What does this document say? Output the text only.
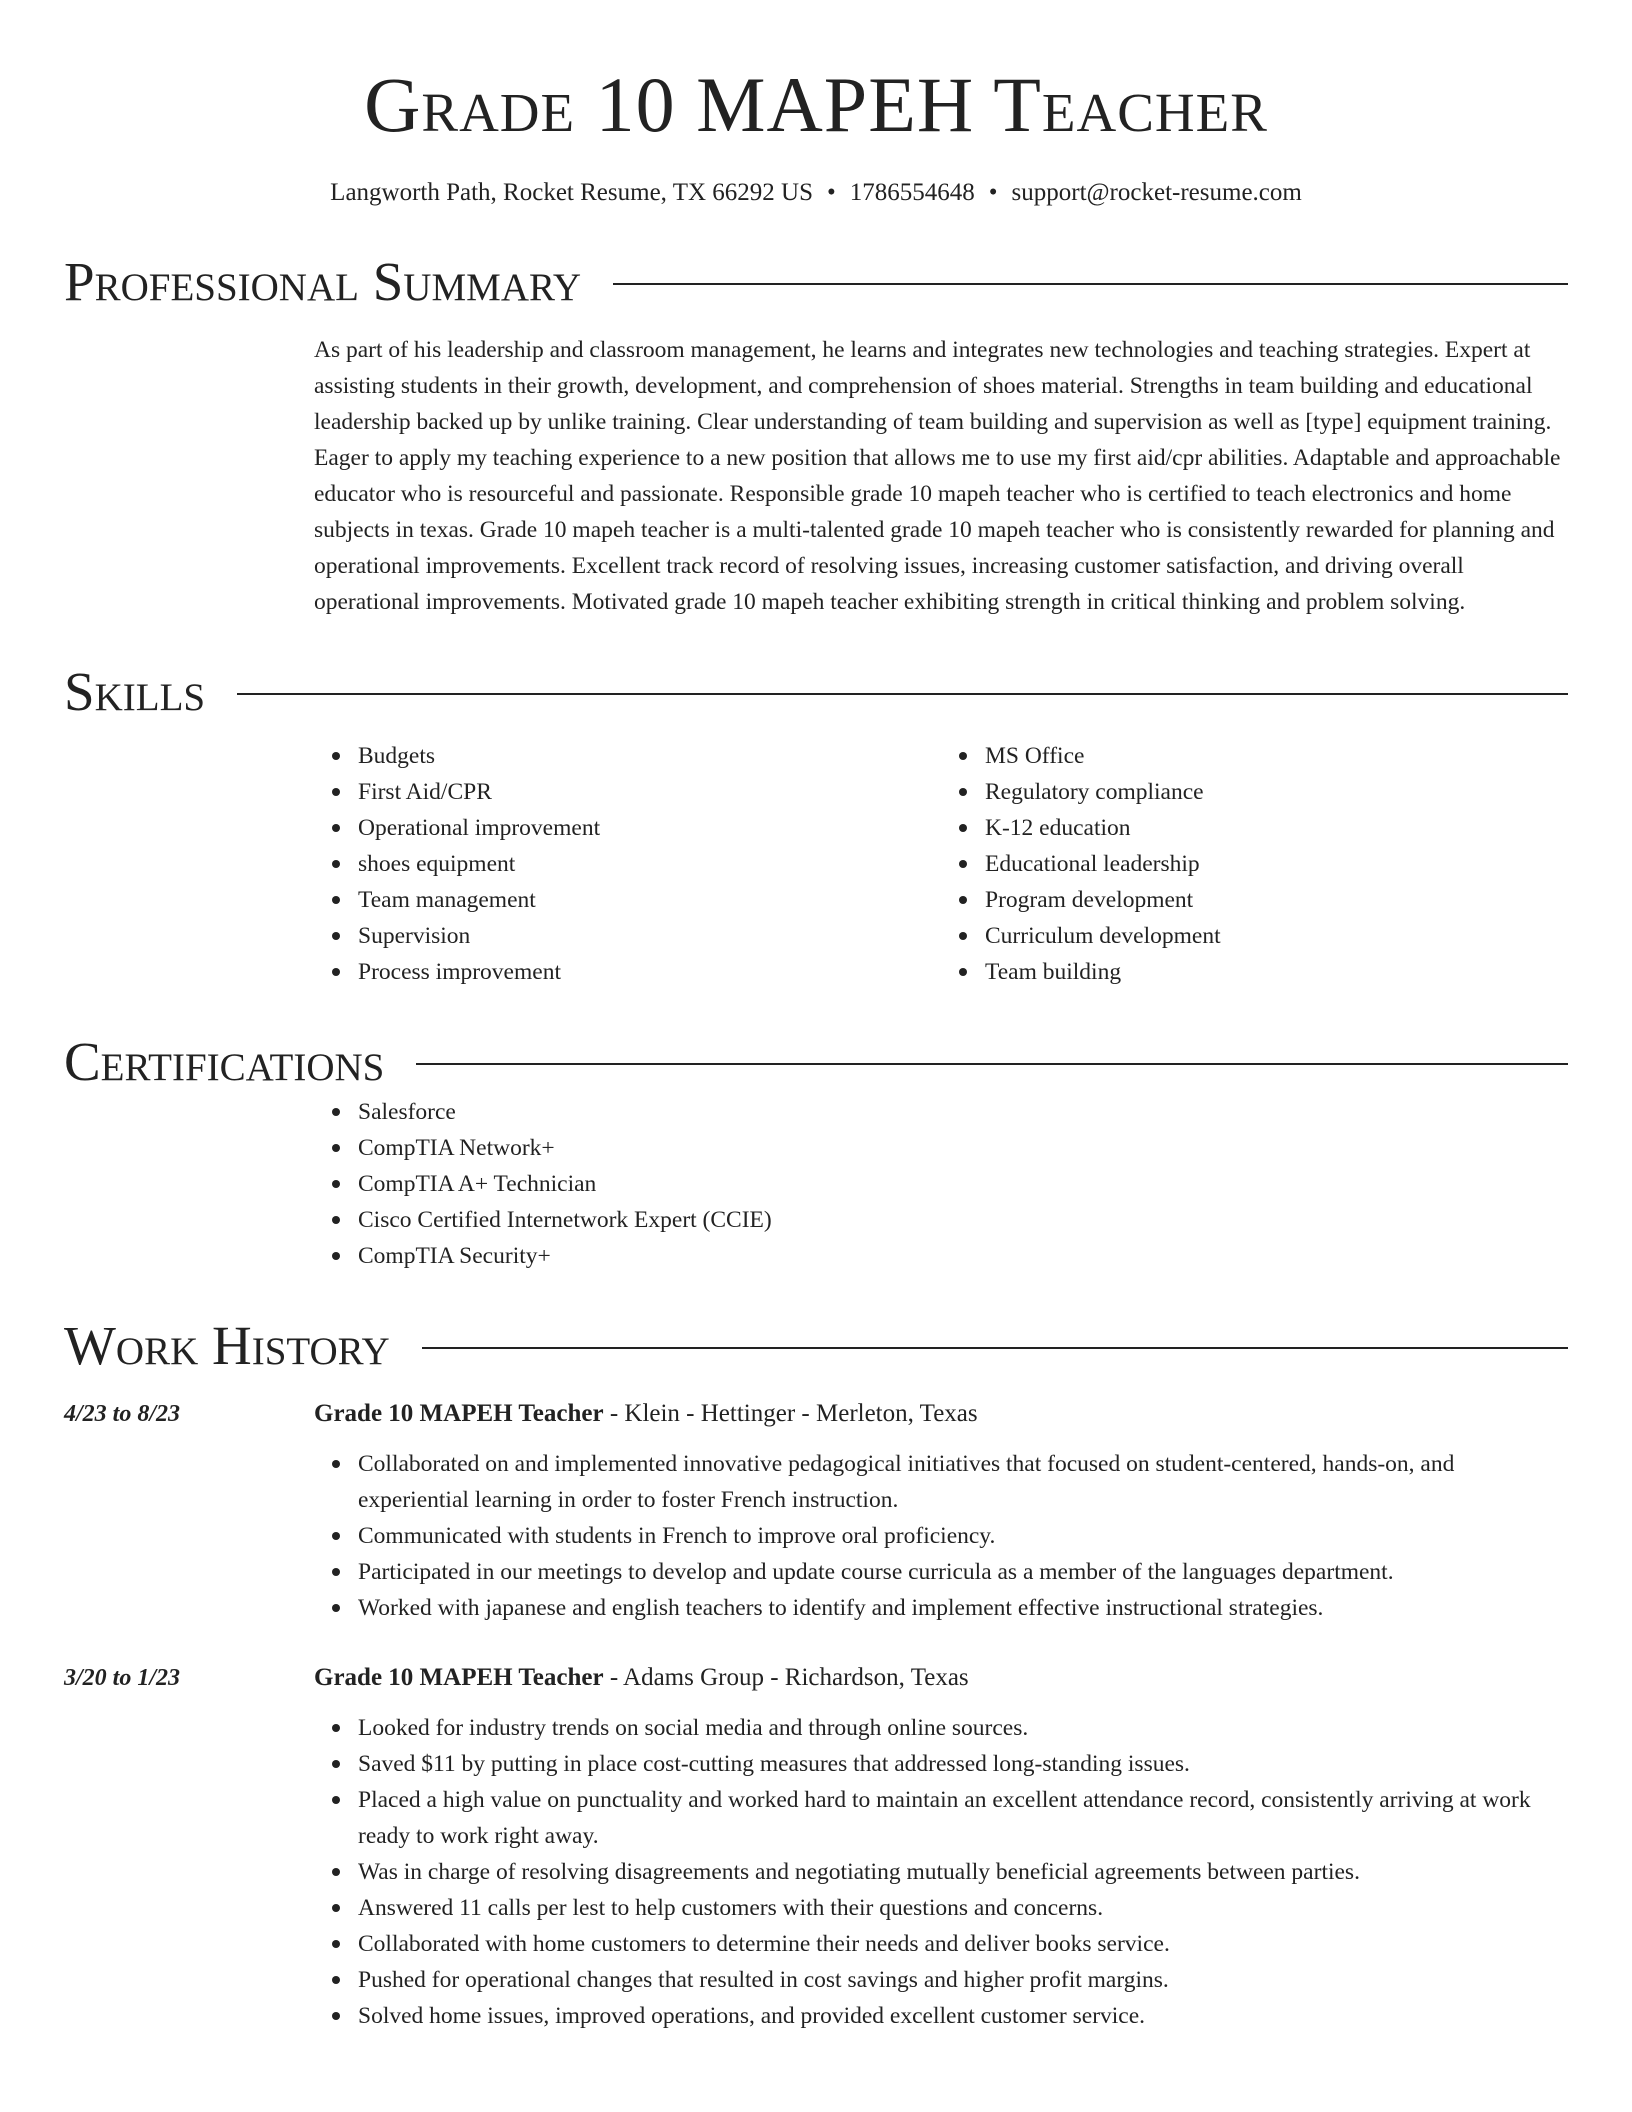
Grade 10 MAPEH Teacher
Langworth Path, Rocket Resume, TX 66292 US • 1786554648 • support@rocket-resume.com
Professional Summary

As part of his leadership and classroom management, he learns and integrates new technologies and teaching strategies. Expert at assisting students in their growth, development, and comprehension of shoes material. Strengths in team building and educational leadership backed up by unlike training. Clear understanding of team building and supervision as well as [type] equipment training. Eager to apply my teaching experience to a new position that allows me to use my first aid/cpr abilities. Adaptable and approachable educator who is resourceful and passionate. Responsible grade 10 mapeh teacher who is certified to teach electronics and home subjects in texas. Grade 10 mapeh teacher is a multi-talented grade 10 mapeh teacher who is consistently rewarded for planning and operational improvements. Excellent track record of resolving issues, increasing customer satisfaction, and driving overall operational improvements. Motivated grade 10 mapeh teacher exhibiting strength in critical thinking and problem solving.

Skills
Budgets
First Aid/CPR
Operational improvement
shoes equipment
Team management
Supervision
Process improvement
MS Office
Regulatory compliance
K-12 education
Educational leadership
Program development
Curriculum development
Team building
Certifications
Salesforce
CompTIA Network+
CompTIA A+ Technician
Cisco Certified Internetwork Expert (CCIE)
CompTIA Security+
Work History
4/23 to 8/23	Grade 10 MAPEH Teacher - Klein - Hettinger - Merleton, Texas
Collaborated on and implemented innovative pedagogical initiatives that focused on student-centered, hands-on, and experiential learning in order to foster French instruction.
Communicated with students in French to improve oral proficiency.
Participated in our meetings to develop and update course curricula as a member of the languages department.
Worked with japanese and english teachers to identify and implement effective instructional strategies.
3/20 to 1/23	Grade 10 MAPEH Teacher - Adams Group - Richardson, Texas
Looked for industry trends on social media and through online sources.
Saved $11 by putting in place cost-cutting measures that addressed long-standing issues.
Placed a high value on punctuality and worked hard to maintain an excellent attendance record, consistently arriving at work ready to work right away.
Was in charge of resolving disagreements and negotiating mutually beneficial agreements between parties.
Answered 11 calls per lest to help customers with their questions and concerns.
Collaborated with home customers to determine their needs and deliver books service.
Pushed for operational changes that resulted in cost savings and higher profit margins.
Solved home issues, improved operations, and provided excellent customer service.
